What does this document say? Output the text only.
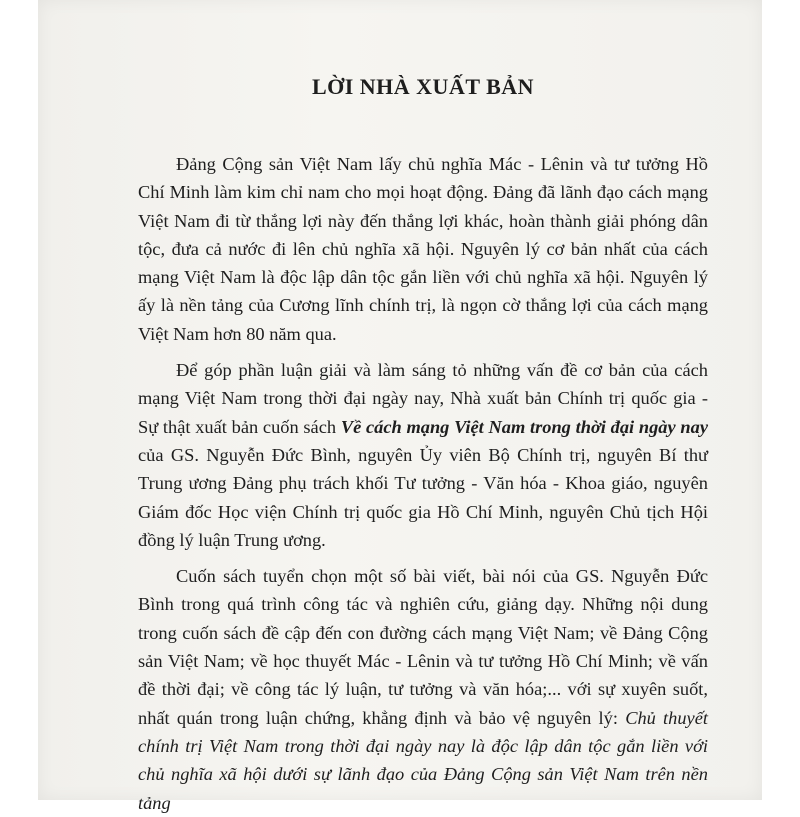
LỜI NHÀ XUẤT BẢN

Đảng Cộng sản Việt Nam lấy chủ nghĩa Mác - Lênin và tư tưởng Hồ Chí Minh làm kim chỉ nam cho mọi hoạt động. Đảng đã lãnh đạo cách mạng Việt Nam đi từ thắng lợi này đến thắng lợi khác, hoàn thành giải phóng dân tộc, đưa cả nước đi lên chủ nghĩa xã hội. Nguyên lý cơ bản nhất của cách mạng Việt Nam là độc lập dân tộc gắn liền với chủ nghĩa xã hội. Nguyên lý ấy là nền tảng của Cương lĩnh chính trị, là ngọn cờ thắng lợi của cách mạng Việt Nam hơn 80 năm qua.

Để góp phần luận giải và làm sáng tỏ những vấn đề cơ bản của cách mạng Việt Nam trong thời đại ngày nay, Nhà xuất bản Chính trị quốc gia - Sự thật xuất bản cuốn sách Về cách mạng Việt Nam trong thời đại ngày nay của GS. Nguyễn Đức Bình, nguyên Ủy viên Bộ Chính trị, nguyên Bí thư Trung ương Đảng phụ trách khối Tư tưởng - Văn hóa - Khoa giáo, nguyên Giám đốc Học viện Chính trị quốc gia Hồ Chí Minh, nguyên Chủ tịch Hội đồng lý luận Trung ương.

Cuốn sách tuyển chọn một số bài viết, bài nói của GS. Nguyễn Đức Bình trong quá trình công tác và nghiên cứu, giảng dạy. Những nội dung trong cuốn sách đề cập đến con đường cách mạng Việt Nam; về Đảng Cộng sản Việt Nam; về học thuyết Mác - Lênin và tư tưởng Hồ Chí Minh; về vấn đề thời đại; về công tác lý luận, tư tưởng và văn hóa;... với sự xuyên suốt, nhất quán trong luận chứng, khẳng định và bảo vệ nguyên lý: Chủ thuyết chính trị Việt Nam trong thời đại ngày nay là độc lập dân tộc gắn liền với chủ nghĩa xã hội dưới sự lãnh đạo của Đảng Cộng sản Việt Nam trên nền tảng
